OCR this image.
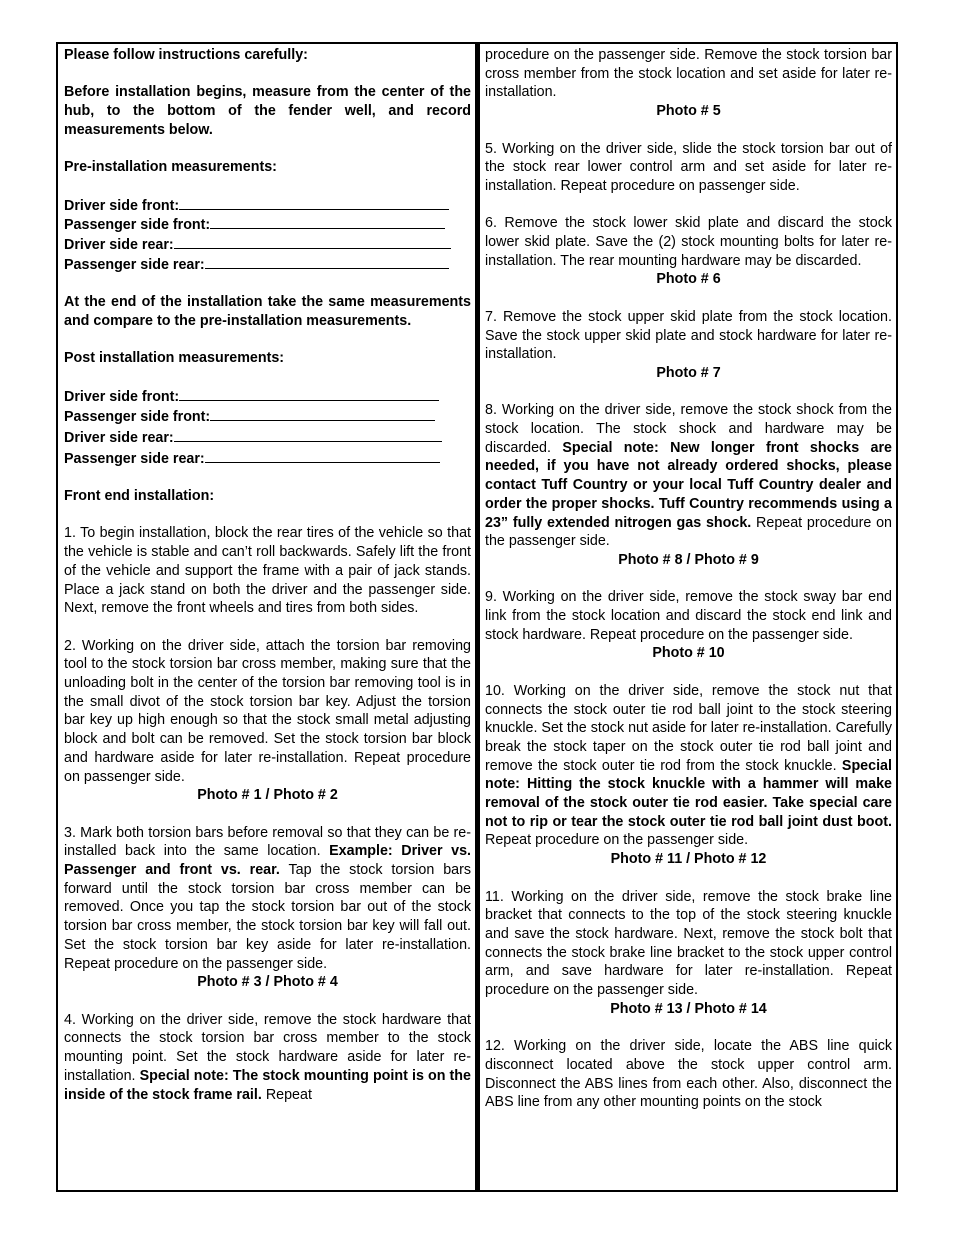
Please follow instructions carefully:

Before installation begins, measure from the center of the hub, to the bottom of the fender well, and record measurements below.

Pre-installation measurements:

Driver side front:
Passenger side front:
Driver side rear:
Passenger side rear:

At the end of the installation take the same measurements and compare to the pre-installation measurements.

Post installation measurements:

Driver side front:
Passenger side front:
Driver side rear:
Passenger side rear:

Front end installation:

1. To begin installation, block the rear tires of the vehicle so that the vehicle is stable and can’t roll backwards. Safely lift the front of the vehicle and support the frame with a pair of jack stands. Place a jack stand on both the driver and the passenger side. Next, remove the front wheels and tires from both sides.

2. Working on the driver side, attach the torsion bar removing tool to the stock torsion bar cross member, making sure that the unloading bolt in the center of the torsion bar removing tool is in the small divot of the stock torsion bar key. Adjust the torsion bar key up high enough so that the stock small metal adjusting block and bolt can be removed. Set the stock torsion bar block and hardware aside for later re-installation. Repeat procedure on passenger side.

Photo # 1 / Photo # 2

3. Mark both torsion bars before removal so that they can be re-installed back into the same location. Example: Driver vs. Passenger and front vs. rear. Tap the stock torsion bars forward until the stock torsion bar cross member can be removed. Once you tap the stock torsion bar out of the stock torsion bar cross member, the stock torsion bar key will fall out. Set the stock torsion bar key aside for later re-installation. Repeat procedure on the passenger side.

Photo # 3 / Photo # 4

4. Working on the driver side, remove the stock hardware that connects the stock torsion bar cross member to the stock mounting point. Set the stock hardware aside for later re-installation. Special note: The stock mounting point is on the inside of the stock frame rail. Repeat

procedure on the passenger side. Remove the stock torsion bar cross member from the stock location and set aside for later re-installation.

Photo # 5

5. Working on the driver side, slide the stock torsion bar out of the stock rear lower control arm and set aside for later re-installation. Repeat procedure on passenger side.

6. Remove the stock lower skid plate and discard the stock lower skid plate. Save the (2) stock mounting bolts for later re-installation. The rear mounting hardware may be discarded.

Photo # 6

7. Remove the stock upper skid plate from the stock location. Save the stock upper skid plate and stock hardware for later re-installation.

Photo # 7

8. Working on the driver side, remove the stock shock from the stock location. The stock shock and hardware may be discarded. Special note: New longer front shocks are needed, if you have not already ordered shocks, please contact Tuff Country or your local Tuff Country dealer and order the proper shocks. Tuff Country recommends using a 23” fully extended nitrogen gas shock. Repeat procedure on the passenger side.

Photo # 8 / Photo # 9

9. Working on the driver side, remove the stock sway bar end link from the stock location and discard the stock end link and stock hardware. Repeat procedure on the passenger side.

Photo # 10

10. Working on the driver side, remove the stock nut that connects the stock outer tie rod ball joint to the stock steering knuckle. Set the stock nut aside for later re-installation. Carefully break the stock taper on the stock outer tie rod ball joint and remove the stock outer tie rod from the stock knuckle. Special note: Hitting the stock knuckle with a hammer will make removal of the stock outer tie rod easier. Take special care not to rip or tear the stock outer tie rod ball joint dust boot. Repeat procedure on the passenger side.

Photo # 11 / Photo # 12

11. Working on the driver side, remove the stock brake line bracket that connects to the top of the stock steering knuckle and save the stock hardware. Next, remove the stock bolt that connects the stock brake line bracket to the stock upper control arm, and save hardware for later re-installation. Repeat procedure on the passenger side.

Photo # 13 / Photo # 14

12. Working on the driver side, locate the ABS line quick disconnect located above the stock upper control arm. Disconnect the ABS lines from each other. Also, disconnect the ABS line from any other mounting points on the stock
